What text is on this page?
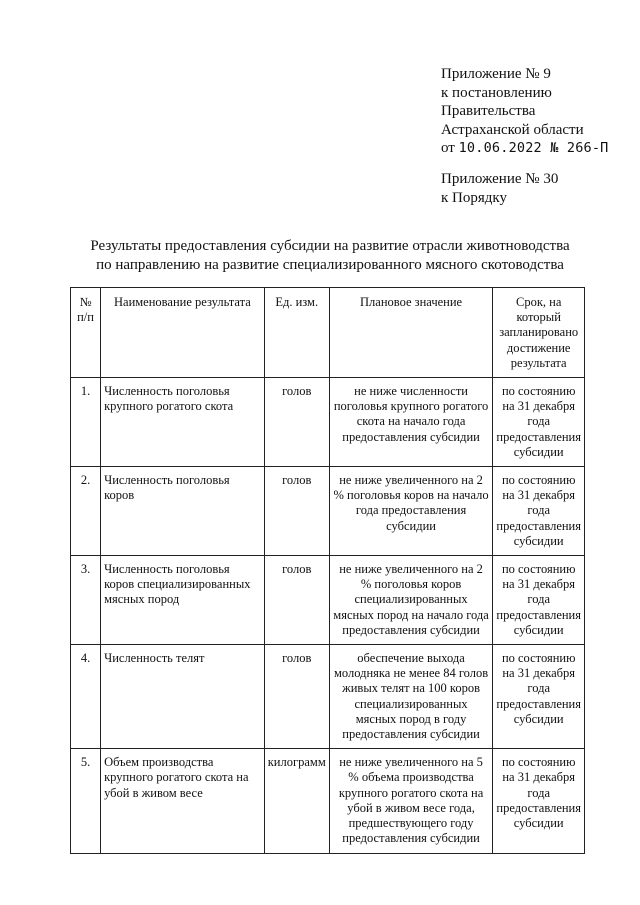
Приложение № 9
к постановлению
Правительства
Астраханской области
от 10.06.2022 № 266-П
Приложение № 30
к Порядку
Результаты предоставления субсидии на развитие отрасли животноводства
по направлению на развитие специализированного мясного скотоводства
№ п/п	Наименование результата	Ед. изм.	Плановое значение	Срок, на который запланировано достижение результата
1.	Численность поголовья крупного рогатого скота	голов	не ниже численности поголовья крупного рогатого скота на начало года предоставления субсидии	по состоянию на 31 декабря года предоставления субсидии
2.	Численность поголовья коров	голов	не ниже увеличенного на 2 % поголовья коров на начало года предоставления субсидии	по состоянию на 31 декабря года предоставления субсидии
3.	Численность поголовья коров специализированных мясных пород	голов	не ниже увеличенного на 2 % поголовья коров специализированных мясных пород на начало года предоставления субсидии	по состоянию на 31 декабря года предоставления субсидии
4.	Численность телят	голов	обеспечение выхода молодняка не менее 84 голов живых телят на 100 коров специализированных мясных пород в году предоставления субсидии	по состоянию на 31 декабря года предоставления субсидии
5.	Объем производства крупного рогатого скота на убой в живом весе	килограмм	не ниже увеличенного на 5 % объема производства крупного рогатого скота на убой в живом весе года, предшествующего году предоставления субсидии	по состоянию на 31 декабря года предоставления субсидии
